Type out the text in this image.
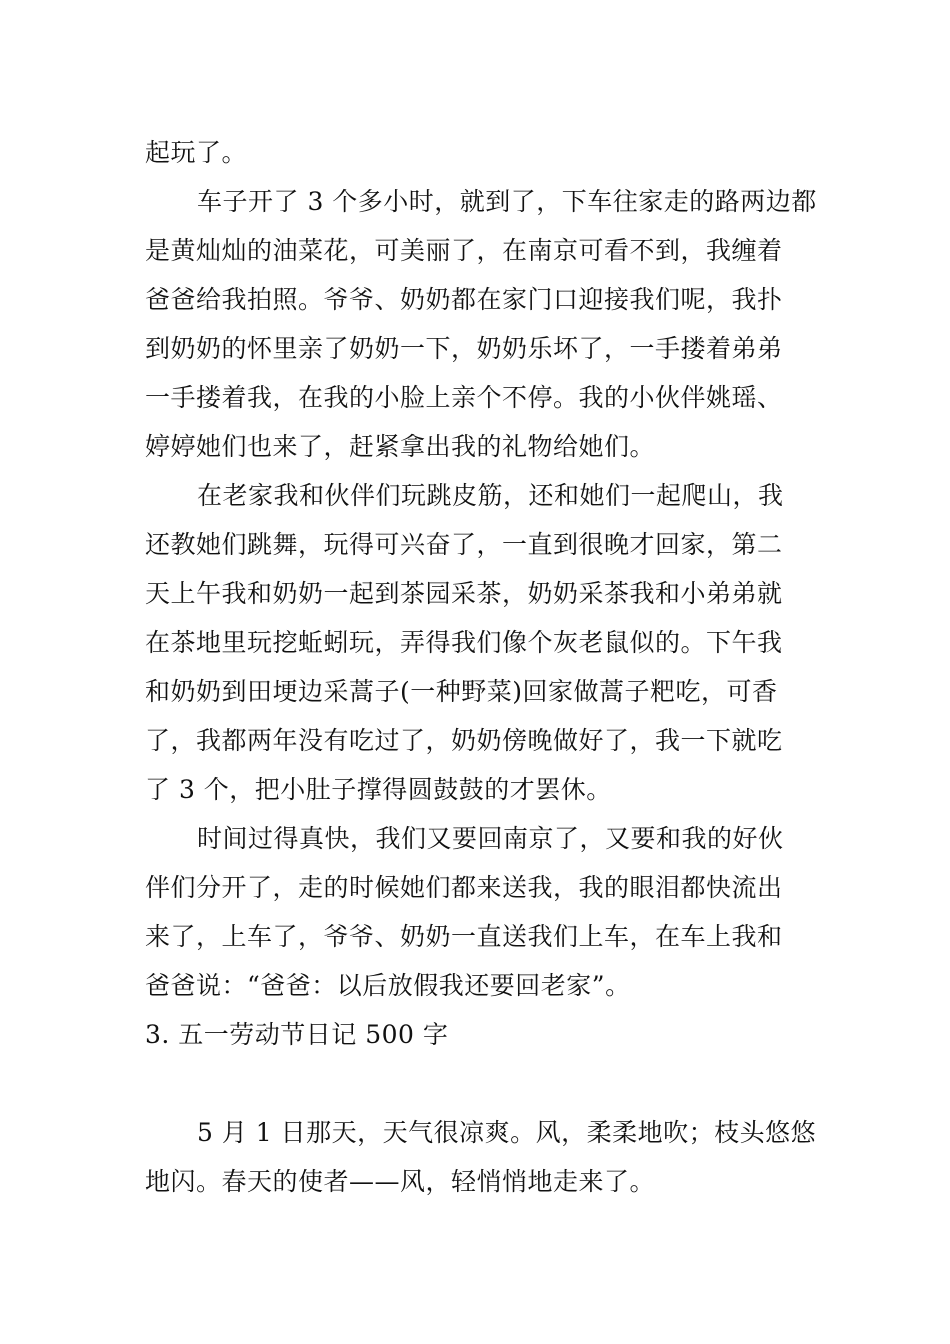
起玩了。
车子开了 3 个多小时，就到了，下车往家走的路两边都
是黄灿灿的油菜花，可美丽了，在南京可看不到，我缠着
爸爸给我拍照。爷爷、奶奶都在家门口迎接我们呢，我扑
到奶奶的怀里亲了奶奶一下，奶奶乐坏了，一手搂着弟弟
一手搂着我，在我的小脸上亲个不停。我的小伙伴姚瑶、
婷婷她们也来了，赶紧拿出我的礼物给她们。
在老家我和伙伴们玩跳皮筋，还和她们一起爬山，我
还教她们跳舞，玩得可兴奋了，一直到很晚才回家，第二
天上午我和奶奶一起到茶园采茶，奶奶采茶我和小弟弟就
在茶地里玩挖蚯蚓玩，弄得我们像个灰老鼠似的。下午我
和奶奶到田埂边采蒿子(一种野菜)回家做蒿子粑吃，可香
了，我都两年没有吃过了，奶奶傍晚做好了，我一下就吃
了 3 个，把小肚子撑得圆鼓鼓的才罢休。
时间过得真快，我们又要回南京了，又要和我的好伙
伴们分开了，走的时候她们都来送我，我的眼泪都快流出
来了，上车了，爷爷、奶奶一直送我们上车，在车上我和
爸爸说：“爸爸：以后放假我还要回老家”。
3. 五一劳动节日记 500 字
5 月 1 日那天，天气很凉爽。风，柔柔地吹；枝头悠悠
地闪。春天的使者——风，轻悄悄地走来了。
